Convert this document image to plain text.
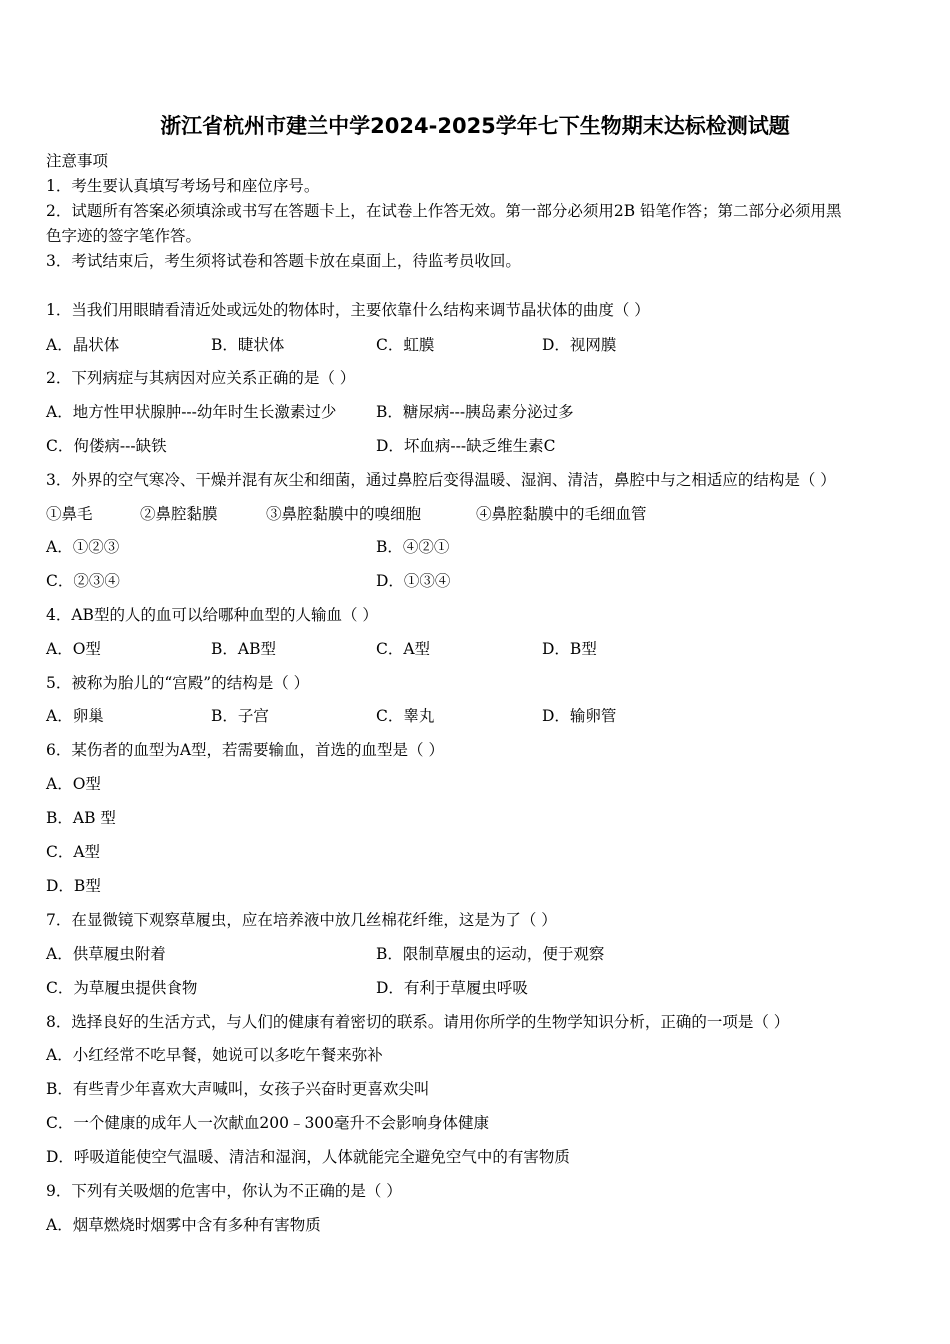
浙江省杭州市建兰中学2024-2025学年七下生物期末达标检测试题
注意事项
1．考生要认真填写考场号和座位序号。
2．试题所有答案必须填涂或书写在答题卡上，在试卷上作答无效。第一部分必须用2B 铅笔作答；第二部分必须用黑
色字迹的签字笔作答。
3．考试结束后，考生须将试卷和答题卡放在桌面上，待监考员收回。
1．当我们用眼睛看清近处或远处的物体时，主要依靠什么结构来调节晶状体的曲度（ ）
A．晶状体	B．睫状体	C．虹膜	D．视网膜
2．下列病症与其病因对应关系正确的是（ ）
A．地方性甲状腺肿---幼年时生长激素过少	B．糖尿病---胰岛素分泌过多
C．佝偻病---缺铁	D．坏血病---缺乏维生素C
3．外界的空气寒冷、干燥并混有灰尘和细菌，通过鼻腔后变得温暖、湿润、清洁，鼻腔中与之相适应的结构是（ ）
①鼻毛	②鼻腔黏膜	③鼻腔黏膜中的嗅细胞	④鼻腔黏膜中的毛细血管
A．①②③	B．④②①
C．②③④	D．①③④
4．AB型的人的血可以给哪种血型的人输血（ ）
A．O型	B．AB型	C．A型	D．B型
5．被称为胎儿的“宫殿”的结构是（ ）
A．卵巢	B．子宫	C．睾丸	D．输卵管
6．某伤者的血型为A型，若需要输血，首选的血型是（ ）
A．O型
B．AB 型
C．A型
D．B型
7．在显微镜下观察草履虫，应在培养液中放几丝棉花纤维，这是为了（ ）
A．供草履虫附着	B．限制草履虫的运动，便于观察
C．为草履虫提供食物	D．有利于草履虫呼吸
8．选择良好的生活方式，与人们的健康有着密切的联系。请用你所学的生物学知识分析，正确的一项是（ ）
A．小红经常不吃早餐，她说可以多吃午餐来弥补
B．有些青少年喜欢大声喊叫，女孩子兴奋时更喜欢尖叫
C．一个健康的成年人一次献血200﹣300毫升不会影响身体健康
D．呼吸道能使空气温暖、清洁和湿润，人体就能完全避免空气中的有害物质
9．下列有关吸烟的危害中，你认为不正确的是（ ）
A．烟草燃烧时烟雾中含有多种有害物质
